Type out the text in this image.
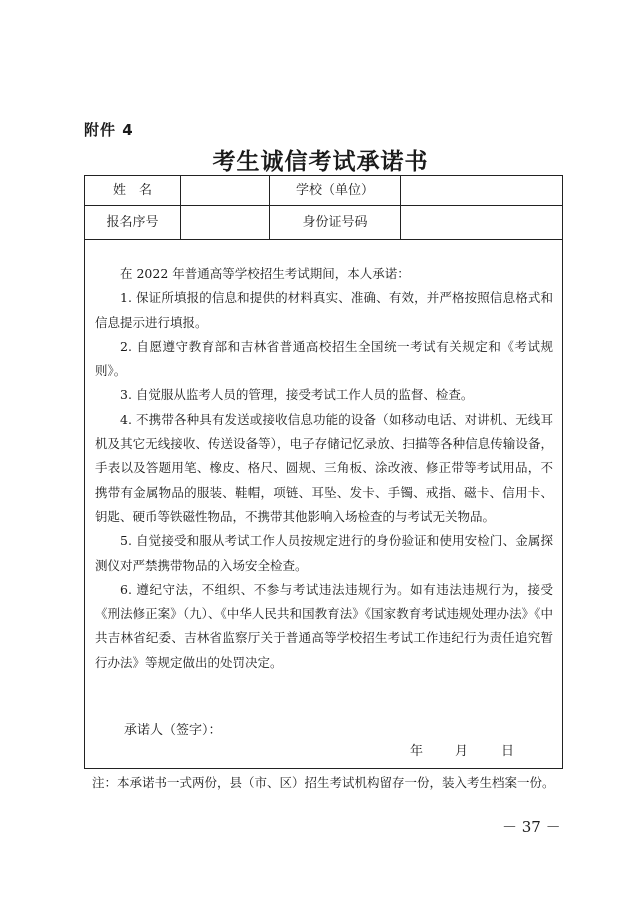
附件 4
考生诚信考试承诺书
姓　名	学校（单位）
报名序号	身份证号码

在 2022 年普通高等学校招生考试期间，本人承诺：

1. 保证所填报的信息和提供的材料真实、准确、有效，并严格按照信息格式和信息提示进行填报。

2. 自愿遵守教育部和吉林省普通高校招生全国统一考试有关规定和《考试规则》。

3. 自觉服从监考人员的管理，接受考试工作人员的监督、检查。

4. 不携带各种具有发送或接收信息功能的设备（如移动电话、对讲机、无线耳机及其它无线接收、传送设备等），电子存储记忆录放、扫描等各种信息传输设备，手表以及答题用笔、橡皮、格尺、圆规、三角板、涂改液、修正带等考试用品，不携带有金属物品的服装、鞋帽，项链、耳坠、发卡、手镯、戒指、磁卡、信用卡、钥匙、硬币等铁磁性物品，不携带其他影响入场检查的与考试无关物品。

5. 自觉接受和服从考试工作人员按规定进行的身份验证和使用安检门、金属探测仪对严禁携带物品的入场安全检查。

6. 遵纪守法，不组织、不参与考试违法违规行为。如有违法违规行为，接受《刑法修正案》（九）、《中华人民共和国教育法》《国家教育考试违规处理办法》《中共吉林省纪委、吉林省监察厅关于普通高等学校招生考试工作违纪行为责任追究暂行办法》等规定做出的处罚决定。

承诺人（签字）：
年 月	日
注：本承诺书一式两份，县（市、区）招生考试机构留存一份，装入考生档案一份。
－ 37 －
